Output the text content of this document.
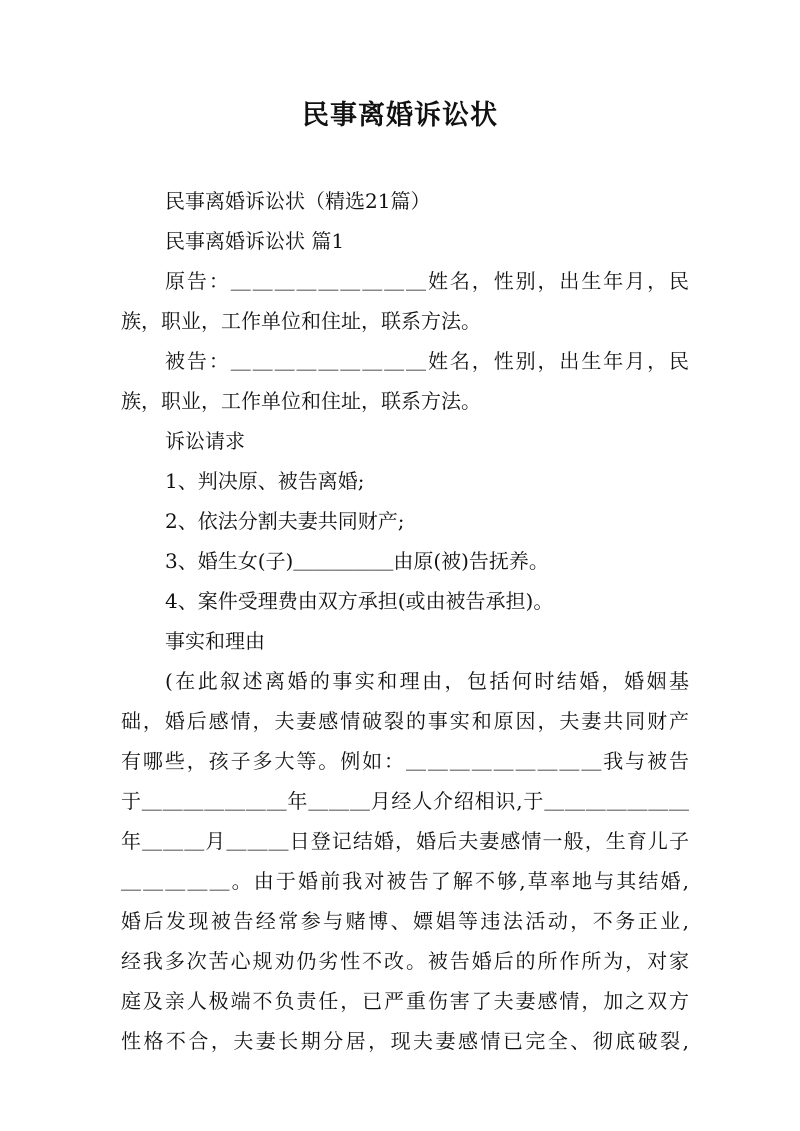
民事离婚诉讼状
民事离婚诉讼状（精选21篇）
民事离婚诉讼状 篇1
原告：＿＿＿＿＿＿＿＿＿姓名，性别，出生年月，民
族，职业，工作单位和住址，联系方法。
被告：＿＿＿＿＿＿＿＿＿姓名，性别，出生年月，民
族，职业，工作单位和住址，联系方法。
诉讼请求
1、判决原、被告离婚;
2、依法分割夫妻共同财产;
3、婚生女(子)＿＿＿＿＿由原(被)告抚养。
4、案件受理费由双方承担(或由被告承担)。
事实和理由
(在此叙述离婚的事实和理由，包括何时结婚，婚姻基
础，婚后感情，夫妻感情破裂的事实和原因，夫妻共同财产
有哪些，孩子多大等。例如：＿＿＿＿＿＿＿＿＿我与被告
于＿＿＿＿＿＿＿年＿＿＿月经人介绍相识,于＿＿＿＿＿＿＿
年＿＿＿月＿＿＿日登记结婚，婚后夫妻感情一般，生育儿子
＿＿＿＿＿。由于婚前我对被告了解不够,草率地与其结婚,
婚后发现被告经常参与赌博、嫖娼等违法活动，不务正业,
经我多次苦心规劝仍劣性不改。被告婚后的所作所为，对家
庭及亲人极端不负责任，已严重伤害了夫妻感情，加之双方
性格不合，夫妻长期分居，现夫妻感情已完全、彻底破裂,
